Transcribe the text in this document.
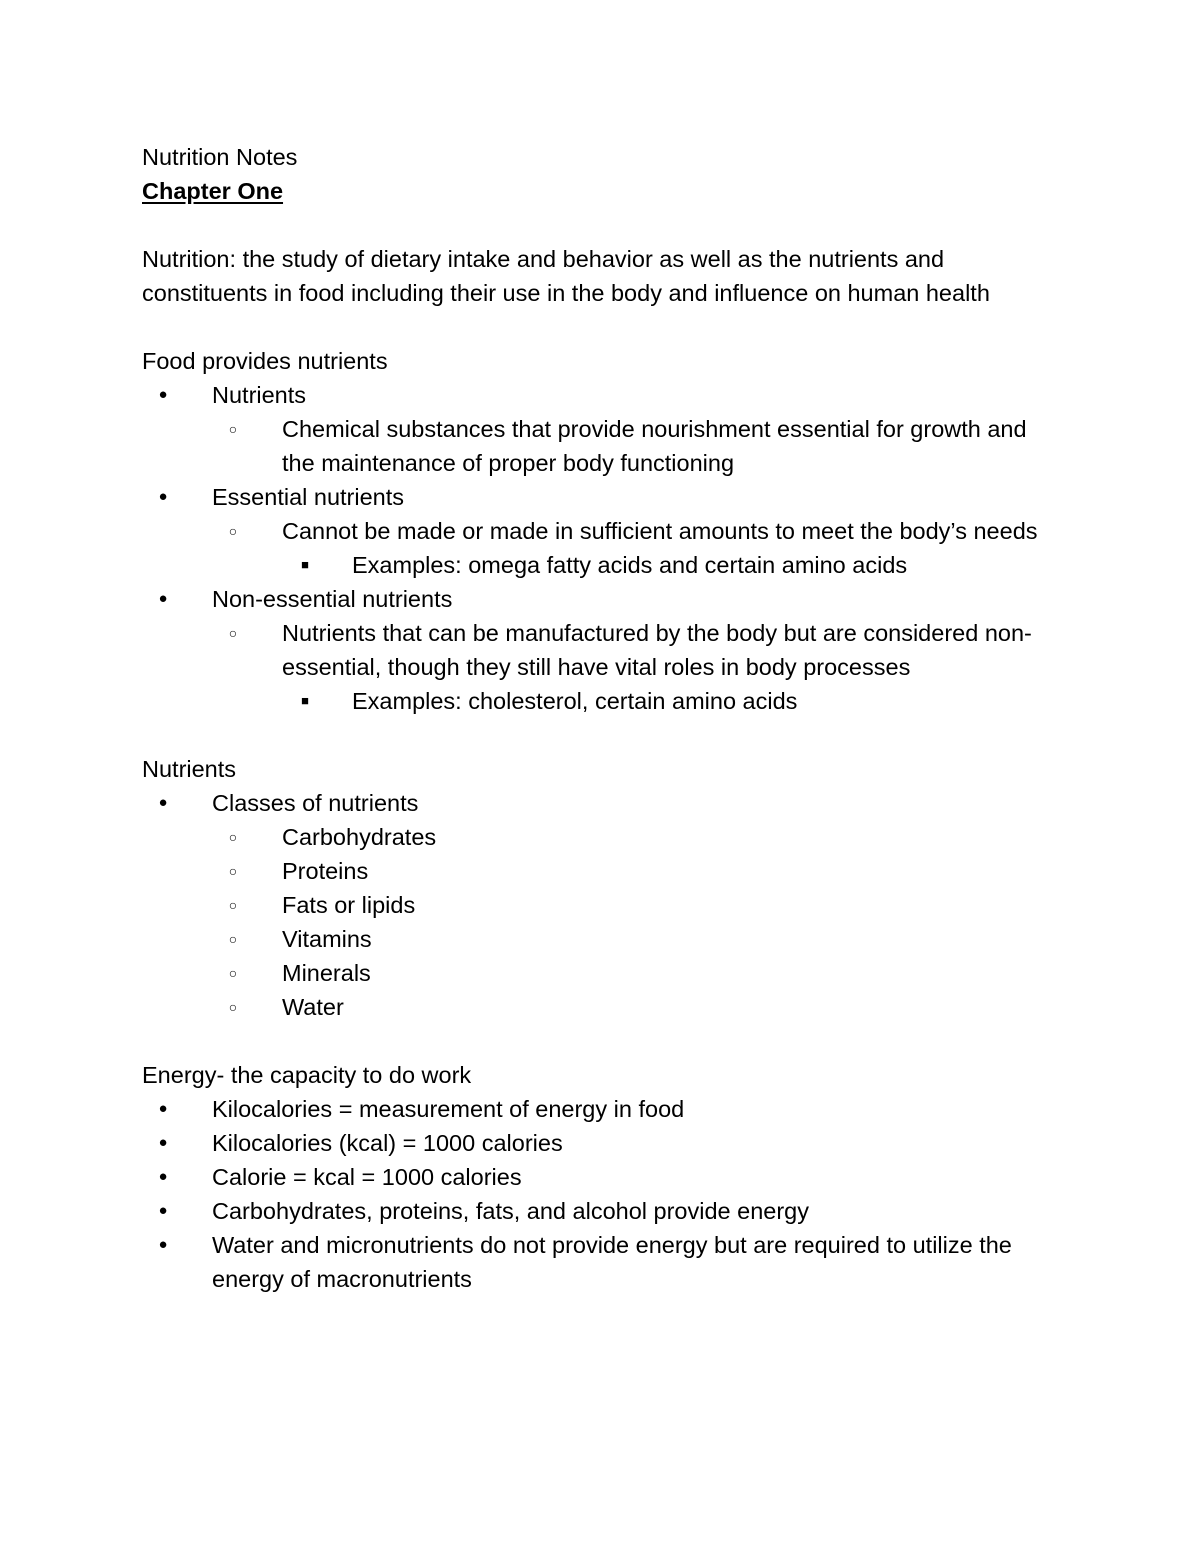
Nutrition Notes

Chapter One

Nutrition: the study of dietary intake and behavior as well as the nutrients and constituents in food including their use in the body and influence on human health

Food provides nutrients

●	Nutrients
○	Chemical substances that provide nourishment essential for growth and the maintenance of proper body functioning
●	Essential nutrients
○	Cannot be made or made in sufficient amounts to meet the body’s needs
■	Examples: omega fatty acids and certain amino acids
●	Non-essential nutrients
○	Nutrients that can be manufactured by the body but are considered non-essential, though they still have vital roles in body processes
■	Examples: cholesterol, certain amino acids

Nutrients

●	Classes of nutrients
○	Carbohydrates
○	Proteins
○	Fats or lipids
○	Vitamins
○	Minerals
○	Water

Energy- the capacity to do work

●	Kilocalories = measurement of energy in food
●	Kilocalories (kcal) = 1000 calories
●	Calorie = kcal = 1000 calories
●	Carbohydrates, proteins, fats, and alcohol provide energy
●	Water and micronutrients do not provide energy but are required to utilize the energy of macronutrients
